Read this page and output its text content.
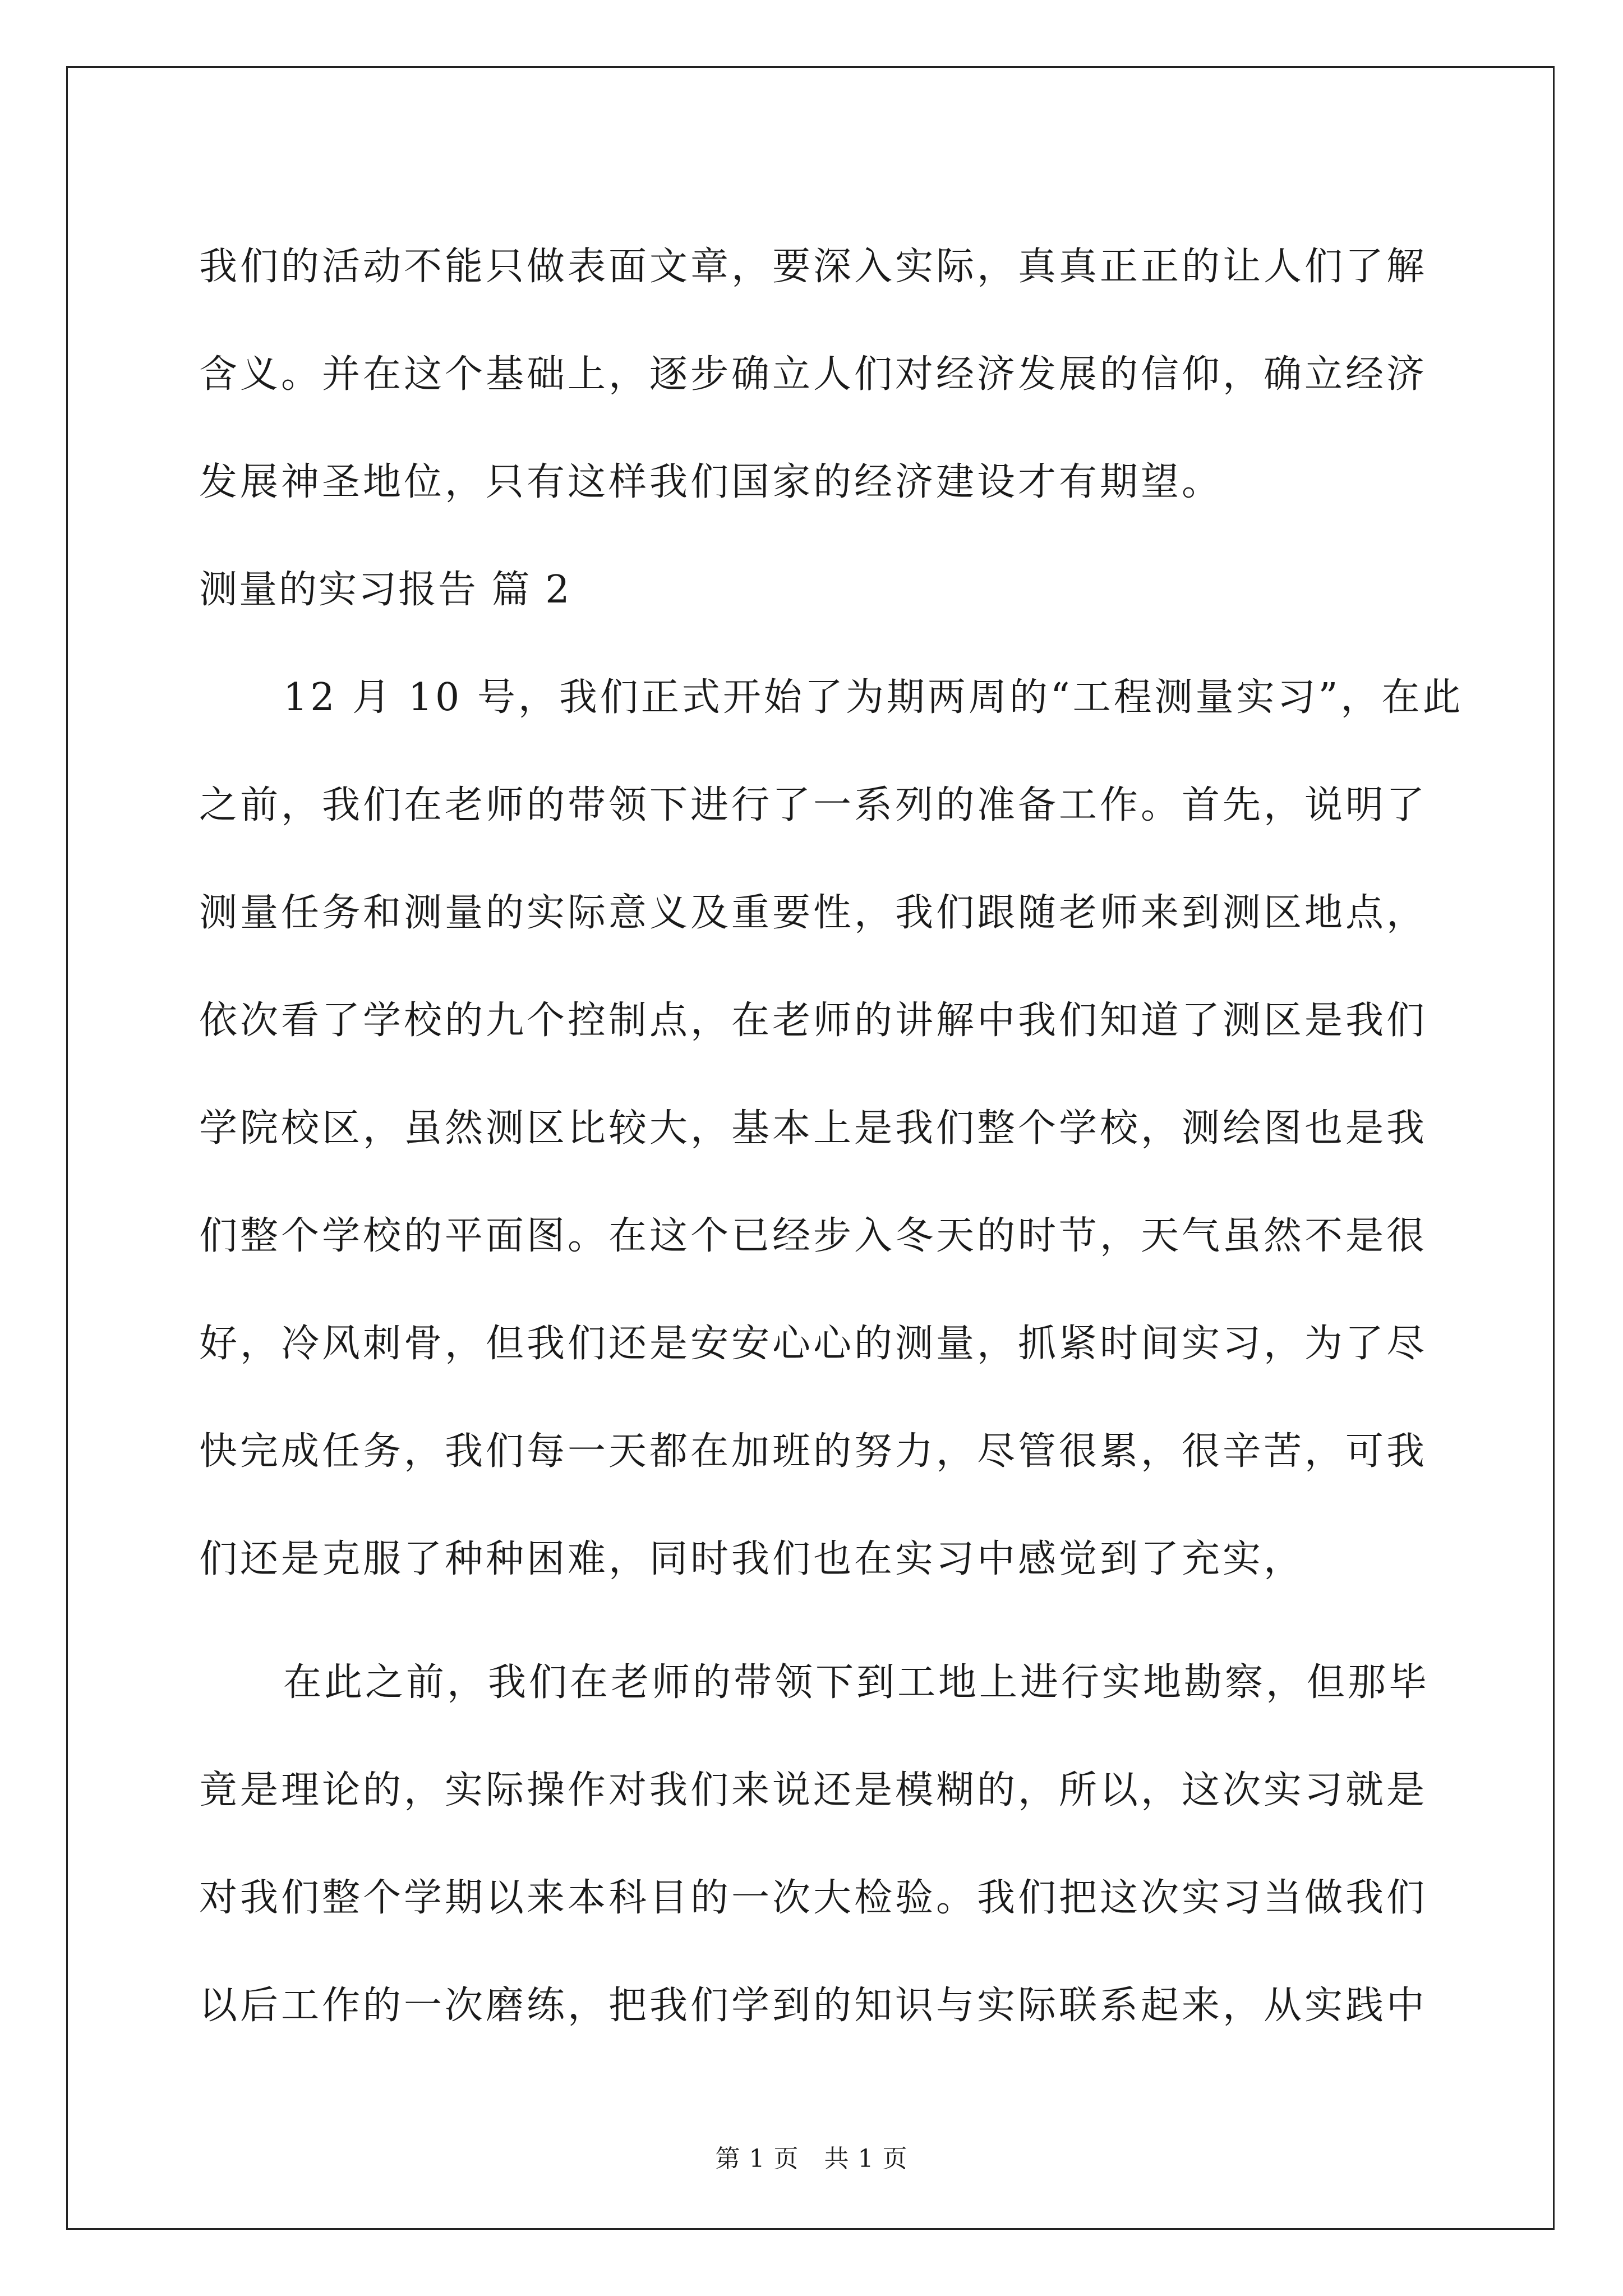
我们的活动不能只做表面文章，要深入实际，真真正正的让人们了解
含义。并在这个基础上，逐步确立人们对经济发展的信仰，确立经济
发展神圣地位，只有这样我们国家的经济建设才有期望。
测量的实习报告 篇 2
12 月 10 号，我们正式开始了为期两周的“工程测量实习”，在此
之前，我们在老师的带领下进行了一系列的准备工作。首先，说明了
测量任务和测量的实际意义及重要性，我们跟随老师来到测区地点，
依次看了学校的九个控制点，在老师的讲解中我们知道了测区是我们
学院校区，虽然测区比较大，基本上是我们整个学校，测绘图也是我
们整个学校的平面图。在这个已经步入冬天的时节，天气虽然不是很
好，冷风刺骨，但我们还是安安心心的测量，抓紧时间实习，为了尽
快完成任务，我们每一天都在加班的努力，尽管很累，很辛苦，可我
们还是克服了种种困难，同时我们也在实习中感觉到了充实，
在此之前，我们在老师的带领下到工地上进行实地勘察，但那毕
竟是理论的，实际操作对我们来说还是模糊的，所以，这次实习就是
对我们整个学期以来本科目的一次大检验。我们把这次实习当做我们
以后工作的一次磨练，把我们学到的知识与实际联系起来，从实践中
第 1 页　共 1 页
